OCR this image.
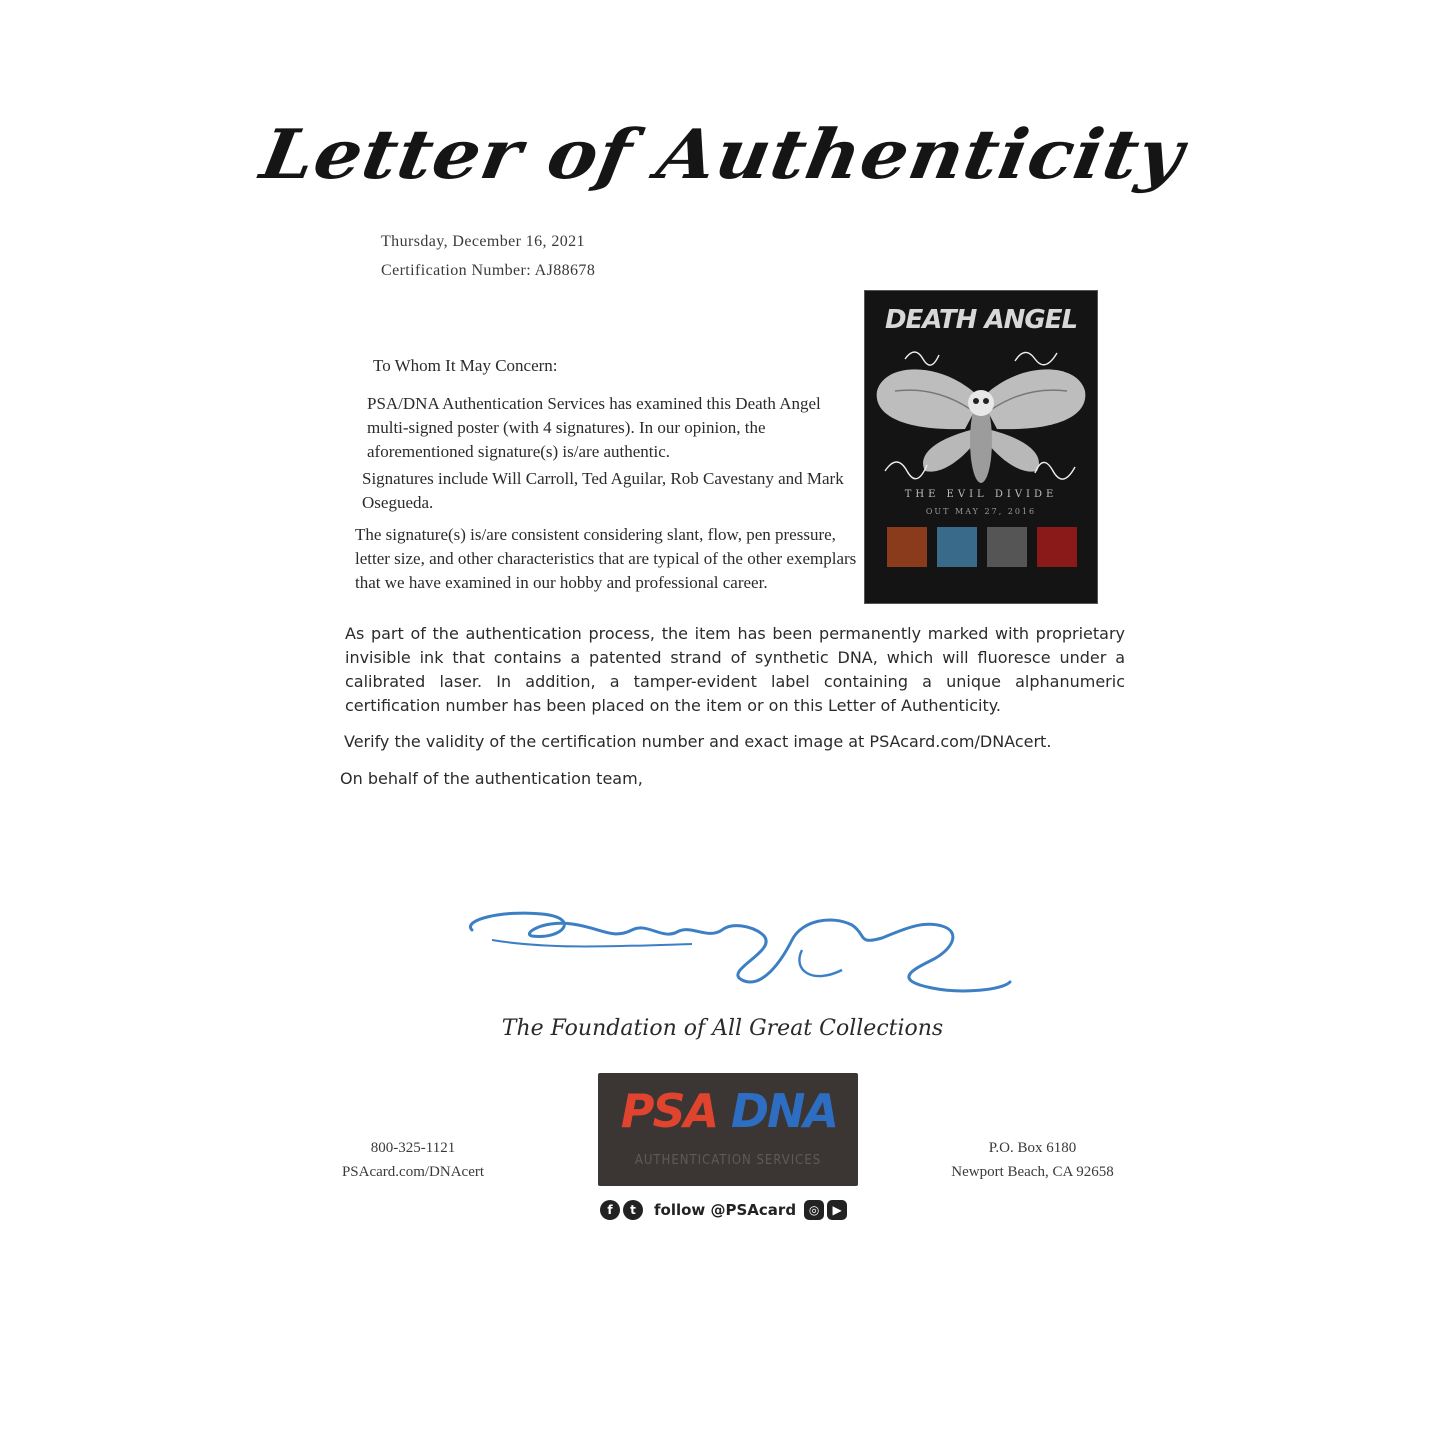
Letter of Authenticity
Thursday, December 16, 2021
Certification Number: AJ88678

To Whom It May Concern:

PSA/DNA Authentication Services has examined this Death Angel multi-signed poster (with 4 signatures). In our opinion, the aforementioned signature(s) is/are authentic.

Signatures include Will Carroll, Ted Aguilar, Rob Cavestany and Mark Osegueda.

The signature(s) is/are consistent considering slant, flow, pen pressure, letter size, and other characteristics that are typical of the other exemplars that we have examined in our hobby and professional career.

As part of the authentication process, the item has been permanently marked with proprietary invisible ink that contains a patented strand of synthetic DNA, which will fluoresce under a calibrated laser. In addition, a tamper-evident label containing a unique alphanumeric certification number has been placed on the item or on this Letter of Authenticity.

Verify the validity of the certification number and exact image at PSAcard.com/DNAcert.

On behalf of the authentication team,

DEATH ANGEL
THE EVIL DIVIDE
OUT MAY 27, 2016
The Foundation of All Great Collections
800-325-1121
PSAcard.com/DNAcert
PSA DNA
AUTHENTICATION SERVICES
P.O. Box 6180
Newport Beach, CA 92658
f	t	follow @PSAcard	◎	▶
